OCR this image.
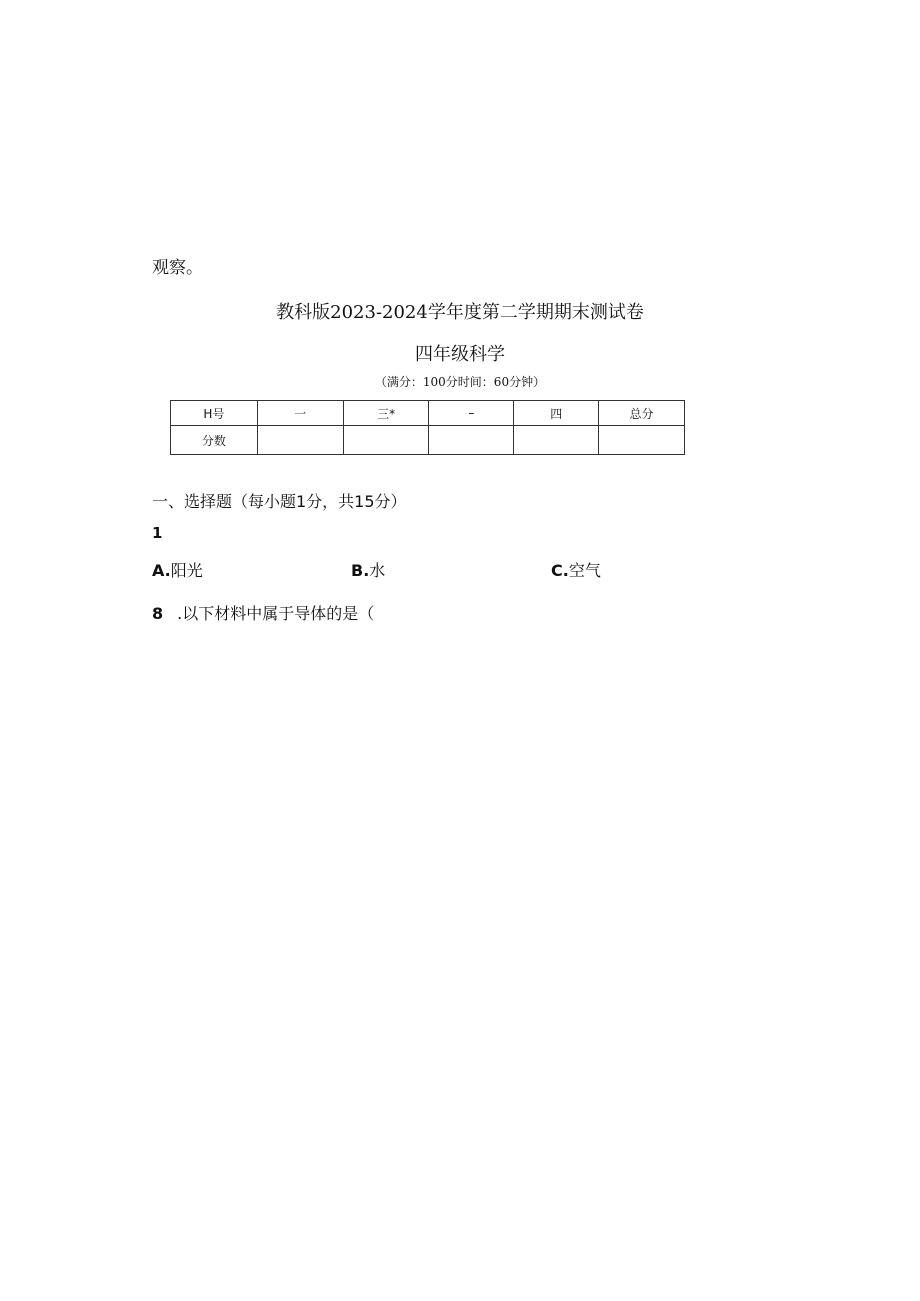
观察。
教科版2023-2024学年度第二学期期末测试卷
四年级科学
（满分：100分时间：60分钟）
H号	一	三*	–	四	总分
分数					
一、选择题（每小题1分，共15分）
1
A.阳光	B.水	C.空气
8 .以下材料中属于导体的是（
